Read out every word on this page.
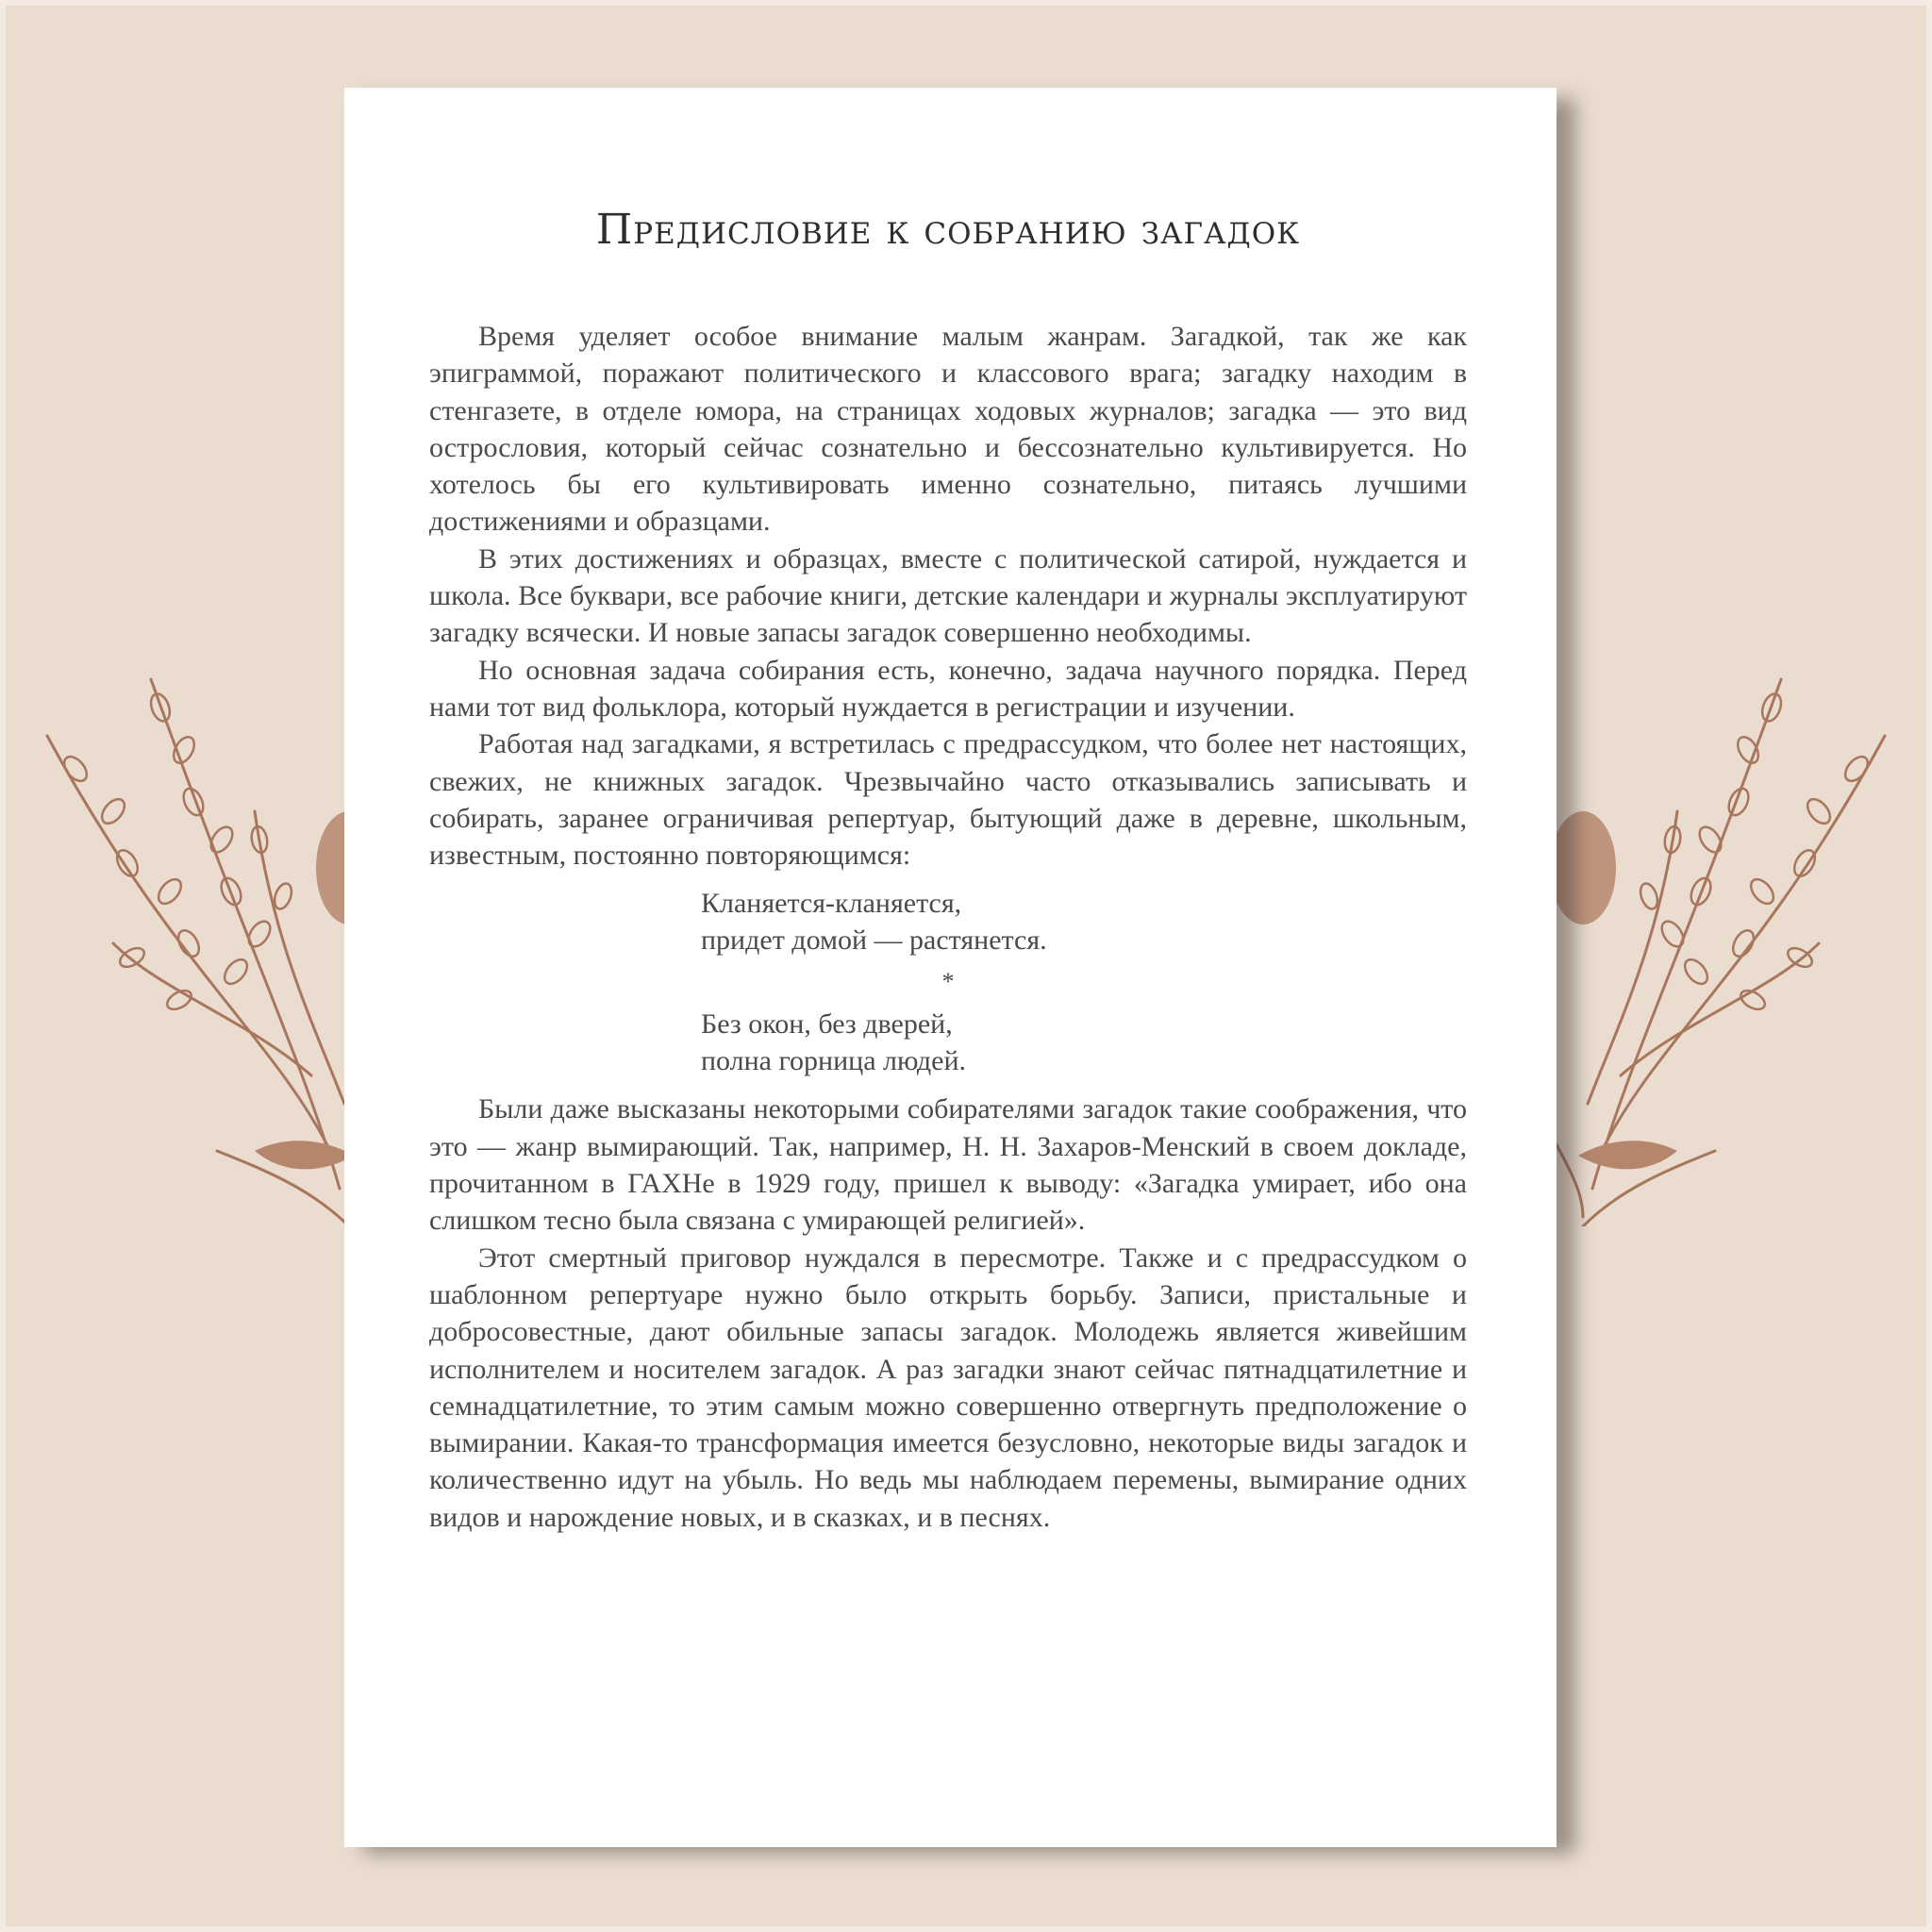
Предисловие к собранию загадок

Время уделяет особое внимание малым жанрам. Загадкой, так же как эпиграммой, поражают политического и классового врага; загадку находим в стенгазете, в отделе юмора, на страницах ходовых журналов; загадка — это вид острословия, который сейчас сознательно и бессознательно культивируется. Но хотелось бы его культивировать именно сознательно, питаясь лучшими достижениями и образцами.

В этих достижениях и образцах, вместе с политической сатирой, нуждается и школа. Все буквари, все рабочие книги, детские календари и журналы эксплуатируют загадку всячески. И новые запасы загадок совершенно необходимы.

Но основная задача собирания есть, конечно, задача научного порядка. Перед нами тот вид фольклора, который нуждается в регистрации и изучении.

Работая над загадками, я встретилась с предрассудком, что более нет настоящих, свежих, не книжных загадок. Чрезвычайно часто отказывались записывать и собирать, заранее ограничивая репертуар, бытующий даже в деревне, школьным, известным, постоянно повторяющимся:

Кланяется-кланяется,
придет домой — растянется.
*
Без окон, без дверей,
полна горница людей.

Были даже высказаны некоторыми собирателями загадок такие соображения, что это — жанр вымирающий. Так, например, Н. Н. Захаров-Менский в своем докладе, прочитанном в ГАХНе в 1929 году, пришел к выводу: «Загадка умирает, ибо она слишком тесно была связана с умирающей религией».

Этот смертный приговор нуждался в пересмотре. Также и с предрассудком о шаблонном репертуаре нужно было открыть борьбу. Записи, пристальные и добросовестные, дают обильные запасы загадок. Молодежь является живейшим исполнителем и носителем загадок. А раз загадки знают сейчас пятнадцатилетние и семнадцатилетние, то этим самым можно совершенно отвергнуть предположение о вымирании. Какая-то трансформация имеется безусловно, некоторые виды загадок и количественно идут на убыль. Но ведь мы наблюдаем перемены, вымирание одних видов и нарождение новых, и в сказках, и в песнях.
